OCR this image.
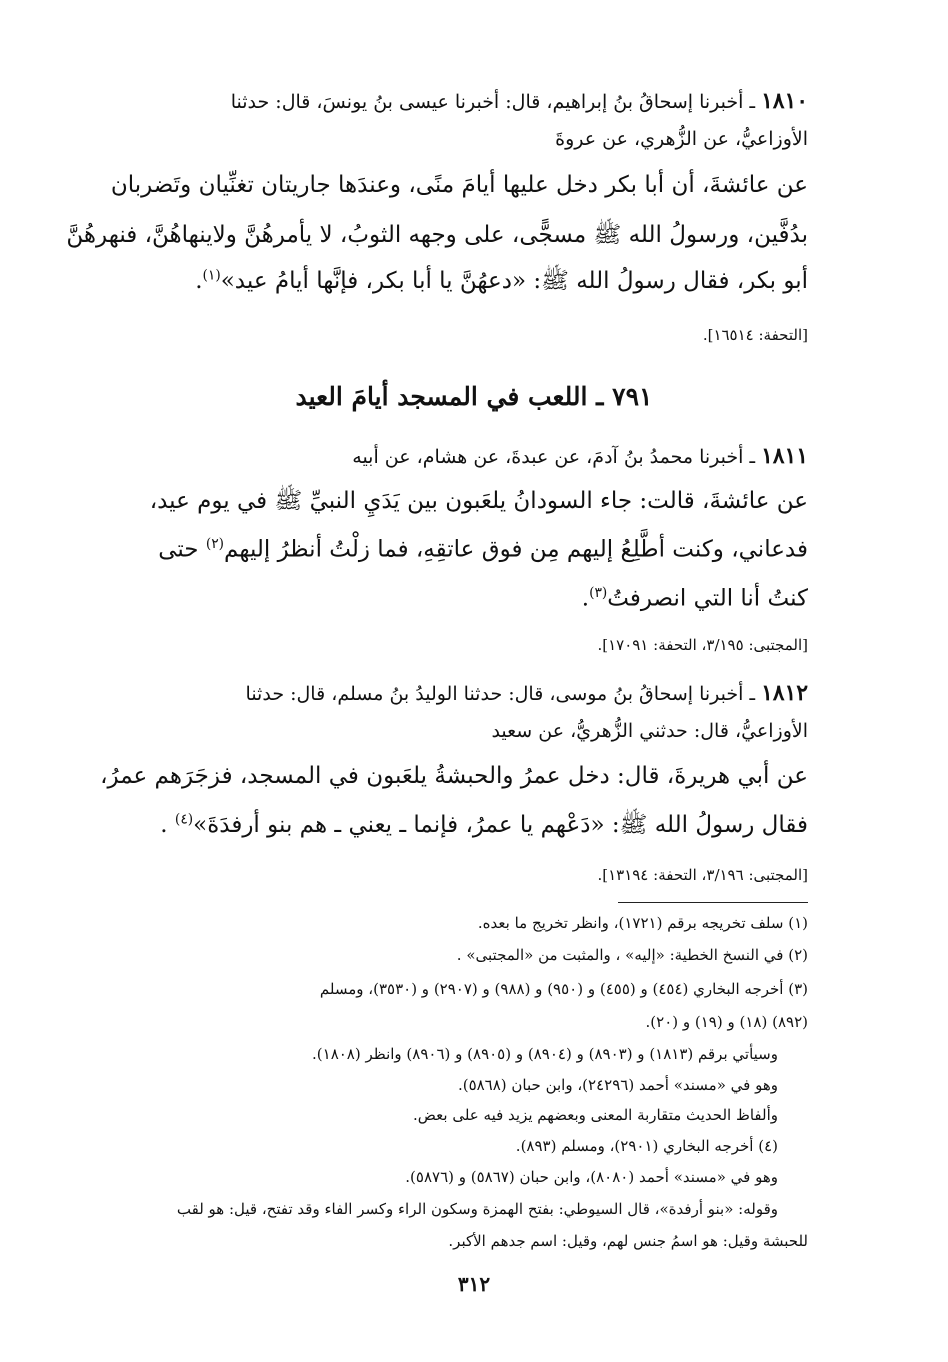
١٨١٠ ـ أخبرنا إسحاقُ بنُ إبراهيم، قال: أخبرنا عيسى بنُ يونسَ، قال: حدثنا
الأوزاعيُّ، عن الزُّهري، عن عروةَ
عن عائشةَ، أن أبا بكر دخل عليها أيامَ منًى، وعندَها جاريتان تغنِّيان وتَضربان
بدُفَّين، ورسولُ الله ﷺ مسجًّى، على وجهه الثوبُ، لا يأمرهُنَّ ولاينهاهُنَّ، فنهرهُنَّ
أبو بكر، فقال رسولُ الله ﷺ: «دعهُنَّ يا أبا بكر، فإنَّها أيامُ عيد»$^{(١)}$.
[التحفة: ١٦٥١٤].
٧٩١ ـ اللعب في المسجد أيامَ العيد
١٨١١ ـ أخبرنا محمدُ بنُ آدمَ، عن عبدةَ، عن هشام، عن أبيه
عن عائشةَ، قالت: جاء السودانُ يلعَبون بين يَدَيِ النبيِّ ﷺ في يوم عيد،
فدعاني، وكنت أطَّلِعُ إليهم مِن فوق عاتقِهِ، فما زلْتُ أنظرُ إليهم$^{(٢)}$ حتى
كنتُ أنا التي انصرفتُ$^{(٣)}$.
[المجتبى: ٣/١٩٥، التحفة: ١٧٠٩١].
١٨١٢ ـ أخبرنا إسحاقُ بنُ موسى، قال: حدثنا الوليدُ بنُ مسلم، قال: حدثنا
الأوزاعيُّ، قال: حدثني الزُّهريُّ، عن سعيد
عن أبي هريرةَ، قال: دخل عمرُ والحبشةُ يلعَبون في المسجد، فزجَرَهم عمرُ،
فقال رسولُ الله ﷺ: «دَعْهم يا عمرُ، فإنما ـ يعني ـ هم بنو أرفدَةَ»$^{(٤)}$ .
[المجتبى: ٣/١٩٦، التحفة: ١٣١٩٤].
(١) سلف تخريجه برقم (١٧٢١)، وانظر تخريج ما بعده.
(٢) في النسخ الخطية: «إليه» ، والمثبت من «المجتبى» .
(٣) أخرجه البخاري (٤٥٤) و (٤٥٥) و (٩٥٠) و (٩٨٨) و (٢٩٠٧) و (٣٥٣٠)، ومسلم
(٨٩٢) (١٨) و (١٩) و (٢٠).
وسيأتي برقم (١٨١٣) و (٨٩٠٣) و (٨٩٠٤) و (٨٩٠٥) و (٨٩٠٦) وانظر (١٨٠٨).
وهو في «مسند» أحمد (٢٤٢٩٦)، وابن حبان (٥٨٦٨).
وألفاظ الحديث متقاربة المعنى وبعضهم يزيد فيه على بعض.
(٤) أخرجه البخاري (٢٩٠١)، ومسلم (٨٩٣).
وهو في «مسند» أحمد (٨٠٨٠)، وابن حبان (٥٨٦٧) و (٥٨٧٦).
وقوله: «بنو أرفدة»، قال السيوطي: بفتح الهمزة وسكون الراء وكسر الفاء وقد تفتح، قيل: هو لقب
للحبشة وقيل: هو اسمُ جنس لهم، وقيل: اسم جدهم الأكبر.
٣١٢
